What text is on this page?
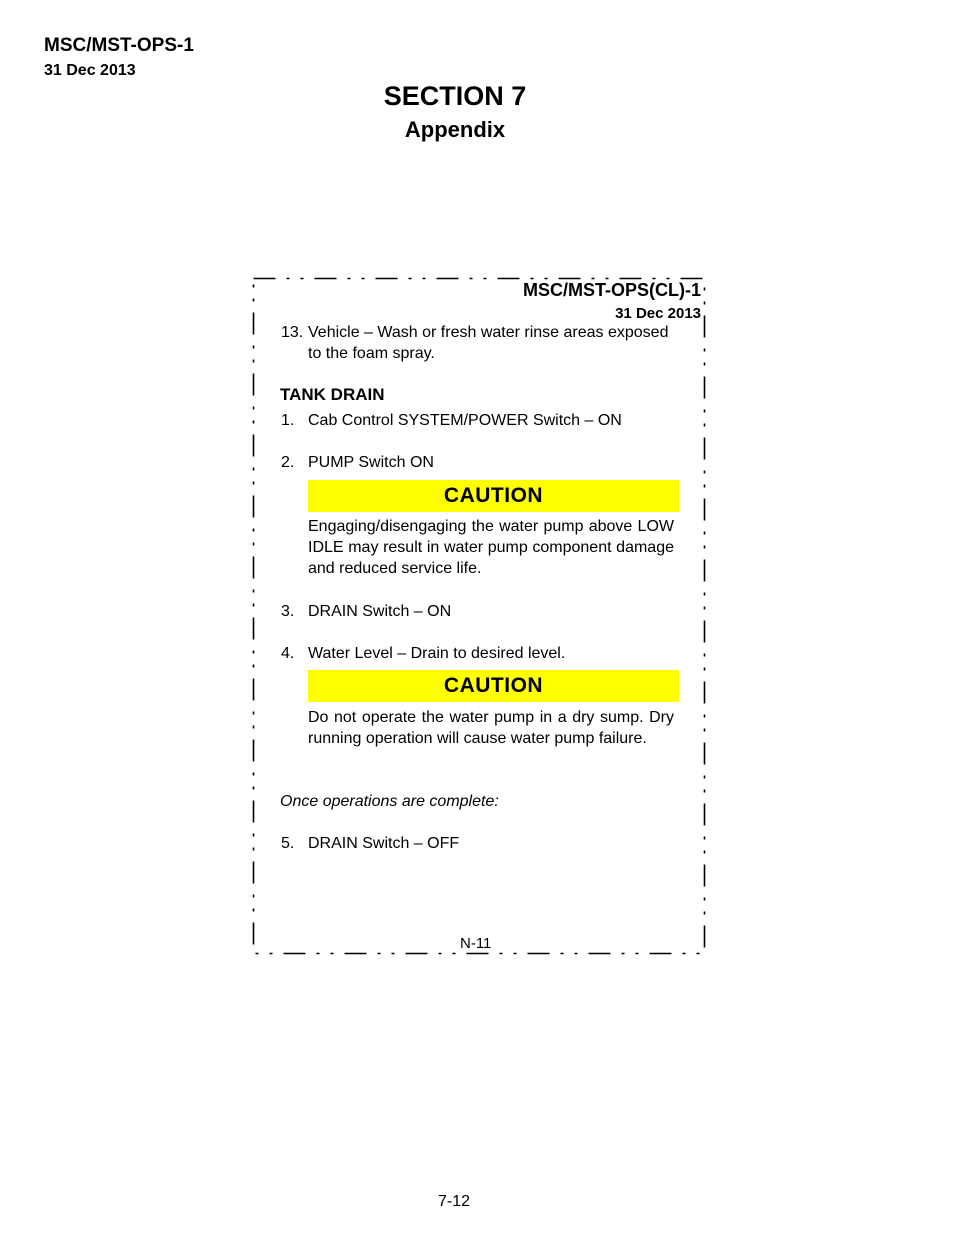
MSC/MST-OPS-1
31 Dec 2013
SECTION 7
Appendix
MSC/MST-OPS(CL)-1
31 Dec 2013
13. Vehicle – Wash or fresh water rinse areas exposed to the foam spray.
TANK DRAIN
1. Cab Control SYSTEM/POWER Switch – ON
2. PUMP Switch ON
CAUTION
Engaging/disengaging the water pump above LOW IDLE may result in water pump component damage and reduced service life.
3. DRAIN Switch – ON
4. Water Level – Drain to desired level.
CAUTION
Do not operate the water pump in a dry sump. Dry running operation will cause water pump failure.
Once operations are complete:
5. DRAIN Switch – OFF
N-11
7-12
